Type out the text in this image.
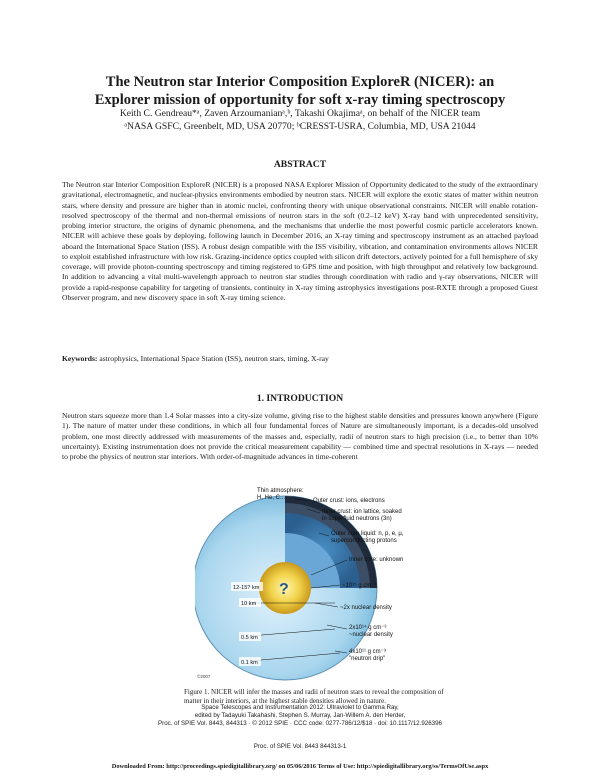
The Neutron star Interior Composition ExploreR (NICER): an
Explorer mission of opportunity for soft x-ray timing spectroscopy
Keith C. Gendreau*ᵃ, Zaven Arzoumanianᵃ,ᵇ, Takashi Okajimaᵃ, on behalf of the NICER team
ᵃNASA GSFC, Greenbelt, MD, USA 20770; ᵇCRESST-USRA, Columbia, MD, USA 21044
ABSTRACT
The Neutron star Interior Composition ExploreR (NICER) is a proposed NASA Explorer Mission of Opportunity dedicated to the study of the extraordinary gravitational, electromagnetic, and nuclear-physics environments embodied by neutron stars. NICER will explore the exotic states of matter within neutron stars, where density and pressure are higher than in atomic nuclei, confronting theory with unique observational constraints. NICER will enable rotation-resolved spectroscopy of the thermal and non-thermal emissions of neutron stars in the soft (0.2–12 keV) X-ray band with unprecedented sensitivity, probing interior structure, the origins of dynamic phenomena, and the mechanisms that underlie the most powerful cosmic particle accelerators known. NICER will achieve these goals by deploying, following launch in December 2016, an X-ray timing and spectroscopy instrument as an attached payload aboard the International Space Station (ISS). A robust design compatible with the ISS visibility, vibration, and contamination environments allows NICER to exploit established infrastructure with low risk. Grazing-incidence optics coupled with silicon drift detectors, actively pointed for a full hemisphere of sky coverage, will provide photon-counting spectroscopy and timing registered to GPS time and position, with high throughput and relatively low background. In addition to advancing a vital multi-wavelength approach to neutron star studies through coordination with radio and γ-ray observations, NICER will provide a rapid-response capability for targeting of transients, continuity in X-ray timing astrophysics investigations post-RXTE through a proposed Guest Observer program, and new discovery space in soft X-ray timing science.
Keywords: astrophysics, International Space Station (ISS), neutron stars, timing, X-ray
1. INTRODUCTION
Neutron stars squeeze more than 1.4 Solar masses into a city-size volume, giving rise to the highest stable densities and pressures known anywhere (Figure 1). The nature of matter under these conditions, in which all four fundamental forces of Nature are simultaneously important, is a decades-old unsolved problem, one most directly addressed with measurements of the masses and, especially, radii of neutron stars to high precision (i.e., to better than 10% uncertainty). Existing instrumentation does not provide the critical measurement capability — combined time and spectral resolutions in X-rays — needed to probe the physics of neutron star interiors. With order-of-magnitude advances in time-coherent
?
Thin atmosphere:
H, He, C...	Outer crust: ions, electrons
Inner crust: ion lattice, soaked
in superfluid neutrons (3n)
Outer core liquid: n, p, e, μ,
superconducting protons
Inner core: unknown
~10¹⁵ g cm⁻³
~2x nuclear density
2x10¹⁴ g cm⁻³
~nuclear density
4x10¹¹ g cm⁻³
"neutron drip"
12-15? km
10 km
0.5 km
0.1 km
©2007
Figure 1. NICER will infer the masses and radii of neutron stars to reveal the composition of matter in their interiors, at the highest stable densities allowed in nature.
Space Telescopes and Instrumentation 2012: Ultraviolet to Gamma Ray,
edited by Tadayuki Takahashi, Stephen S. Murray, Jan-Willem A. den Herder,
Proc. of SPIE Vol. 8443, 844313 · © 2012 SPIE · CCC code: 0277-786/12/$18 · doi: 10.1117/12.926396
Proc. of SPIE Vol. 8443 844313-1
Downloaded From: http://proceedings.spiedigitallibrary.org/ on 05/06/2016 Terms of Use: http://spiedigitallibrary.org/ss/TermsOfUse.aspx
